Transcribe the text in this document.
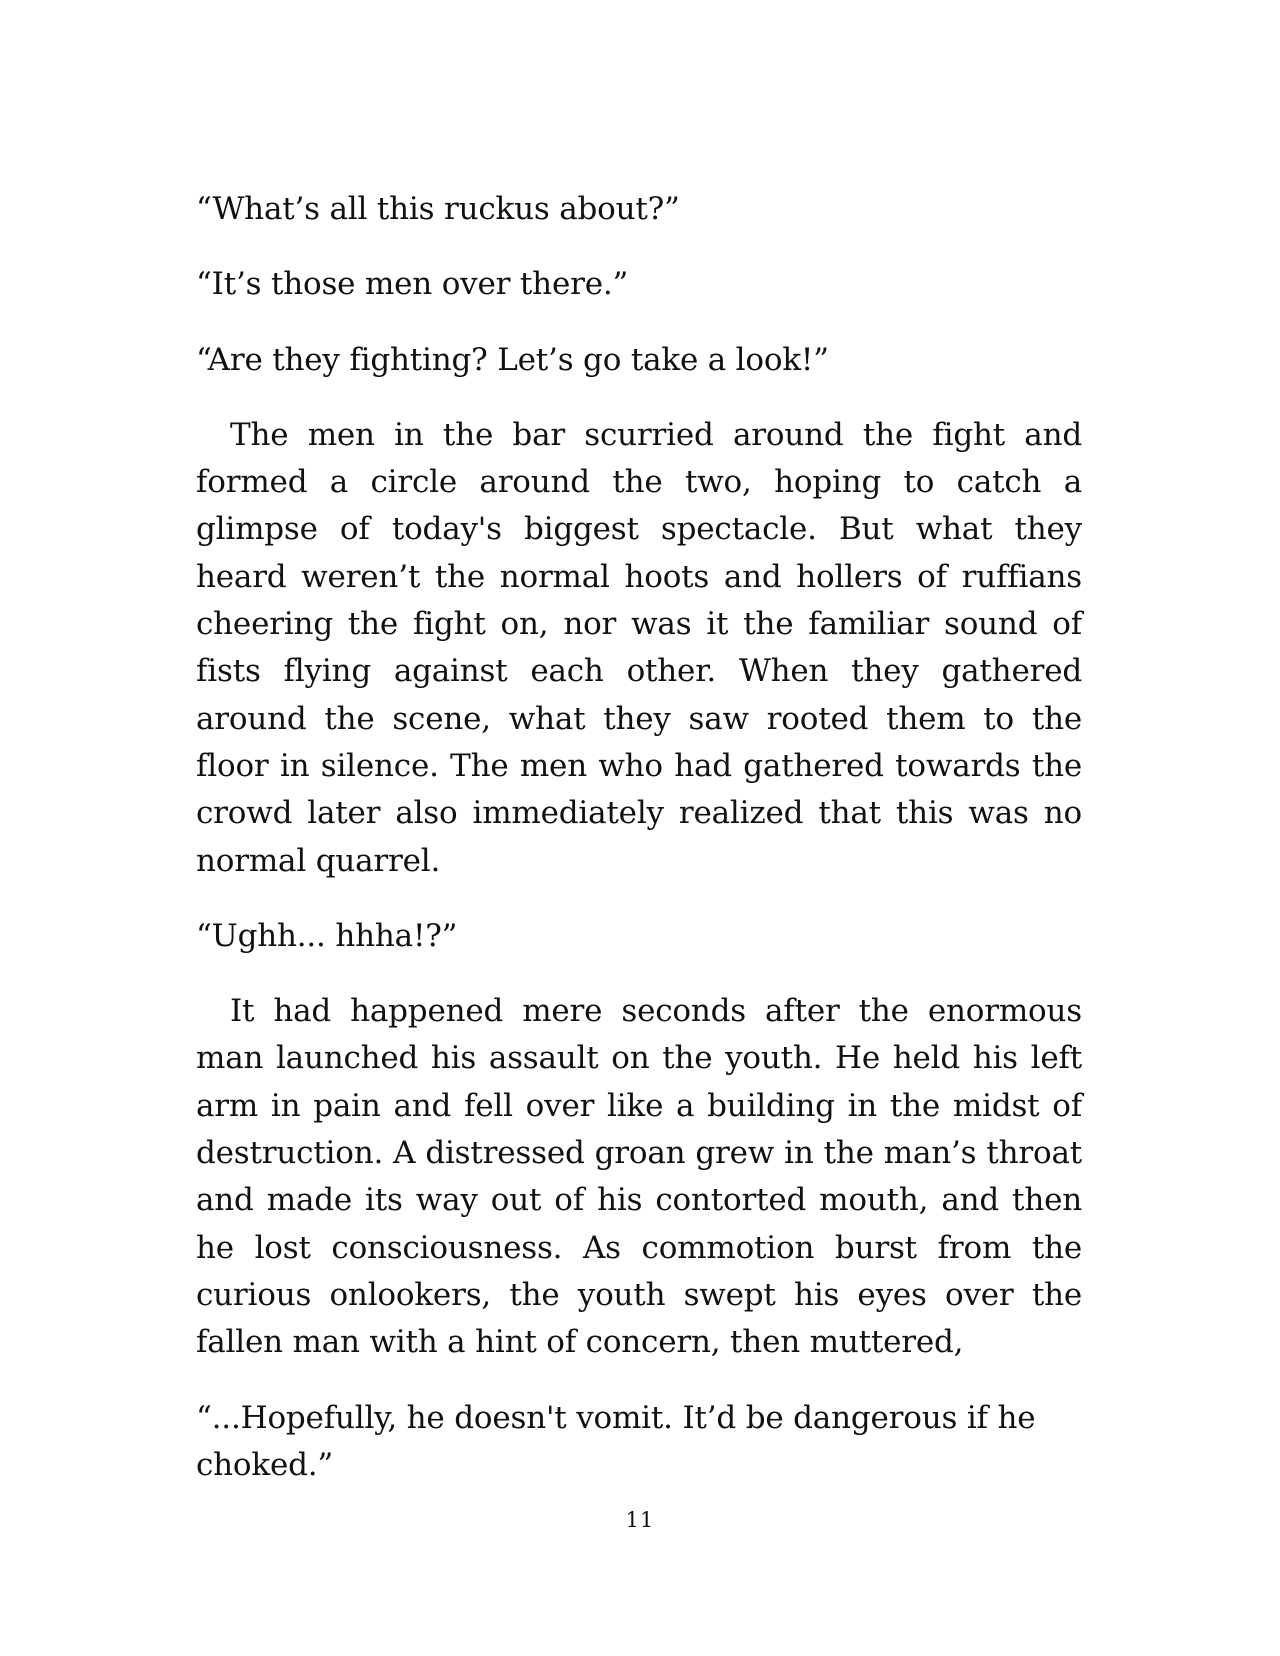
“What’s all this ruckus about?”

“It’s those men over there.”

“Are they fighting? Let’s go take a look!”

The men in the bar scurried around the fight and formed a circle around the two, hoping to catch a glimpse of today's biggest spectacle. But what they heard weren’t the normal hoots and hollers of ruffians cheering the fight on, nor was it the familiar sound of fists flying against each other. When they gathered around the scene, what they saw rooted them to the floor in silence. The men who had gathered towards the crowd later also immediately realized that this was no normal quarrel.

“Ughh... hhha!?”

It had happened mere seconds after the enormous man launched his assault on the youth. He held his left arm in pain and fell over like a building in the midst of destruction. A distressed groan grew in the man’s throat and made its way out of his contorted mouth, and then he lost consciousness. As commotion burst from the curious onlookers, the youth swept his eyes over the fallen man with a hint of concern, then muttered,

“...Hopefully, he doesn't vomit. It’d be dangerous if he choked.”

11
